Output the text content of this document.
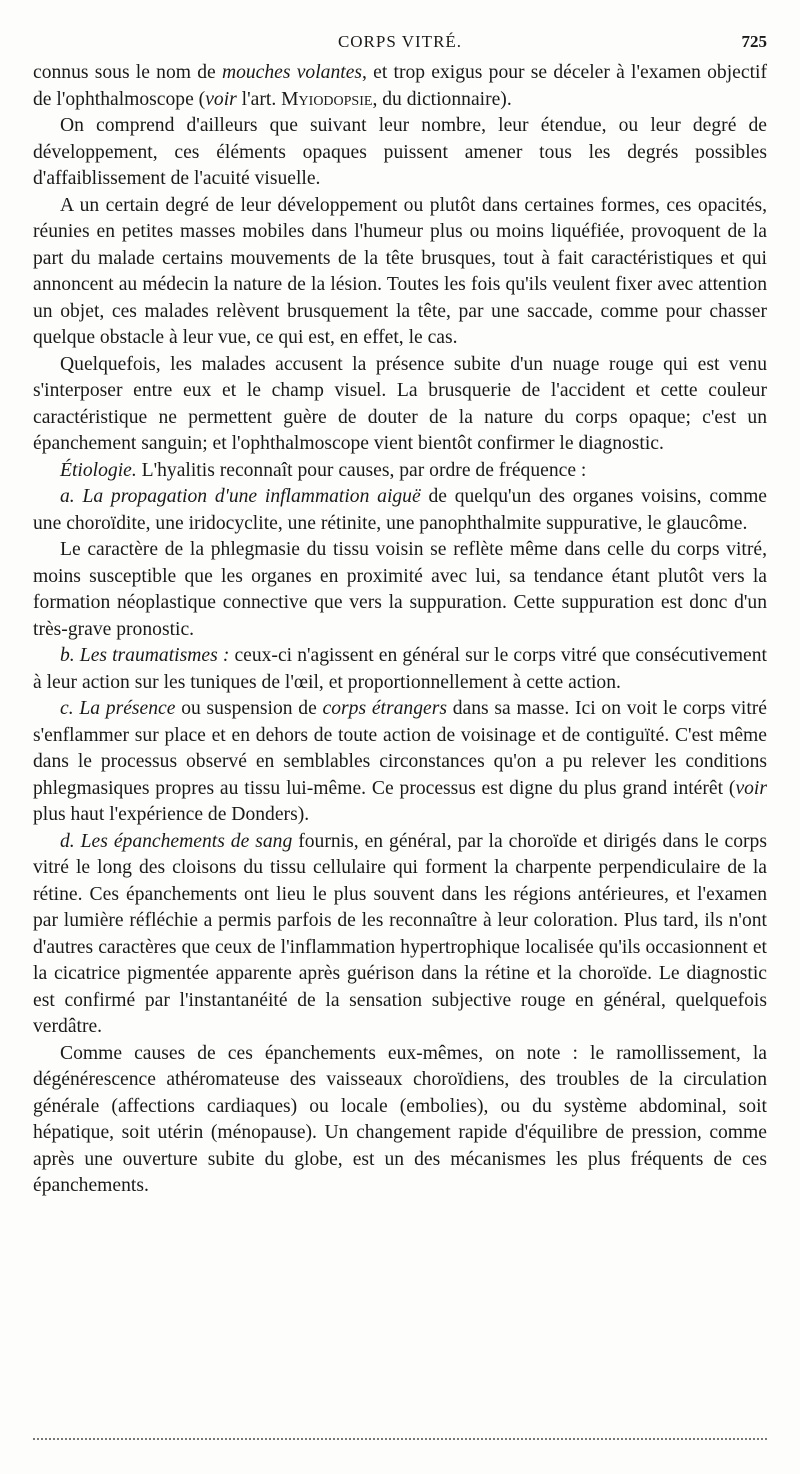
CORPS VITRÉ.	725

connus sous le nom de mouches volantes, et trop exigus pour se déceler à l'examen objectif de l'ophthalmoscope (voir l'art. Myiodopsie, du dictionnaire).

On comprend d'ailleurs que suivant leur nombre, leur étendue, ou leur degré de développement, ces éléments opaques puissent amener tous les degrés possibles d'affaiblissement de l'acuité visuelle.

A un certain degré de leur développement ou plutôt dans certaines formes, ces opacités, réunies en petites masses mobiles dans l'humeur plus ou moins liquéfiée, provoquent de la part du malade certains mouvements de la tête brusques, tout à fait caractéristiques et qui annoncent au médecin la nature de la lésion. Toutes les fois qu'ils veulent fixer avec attention un objet, ces malades relèvent brusquement la tête, par une saccade, comme pour chasser quelque obstacle à leur vue, ce qui est, en effet, le cas.

Quelquefois, les malades accusent la présence subite d'un nuage rouge qui est venu s'interposer entre eux et le champ visuel. La brusquerie de l'accident et cette couleur caractéristique ne permettent guère de douter de la nature du corps opaque; c'est un épanchement sanguin; et l'ophthalmoscope vient bientôt confirmer le diagnostic.

Étiologie. L'hyalitis reconnaît pour causes, par ordre de fréquence :

a. La propagation d'une inflammation aiguë de quelqu'un des organes voisins, comme une choroïdite, une iridocyclite, une rétinite, une panophthalmite suppurative, le glaucôme.

Le caractère de la phlegmasie du tissu voisin se reflète même dans celle du corps vitré, moins susceptible que les organes en proximité avec lui, sa tendance étant plutôt vers la formation néoplastique connective que vers la suppuration. Cette suppuration est donc d'un très-grave pronostic.

b. Les traumatismes : ceux-ci n'agissent en général sur le corps vitré que consécutivement à leur action sur les tuniques de l'œil, et proportionnellement à cette action.

c. La présence ou suspension de corps étrangers dans sa masse. Ici on voit le corps vitré s'enflammer sur place et en dehors de toute action de voisinage et de contiguïté. C'est même dans le processus observé en semblables circonstances qu'on a pu relever les conditions phlegmasiques propres au tissu lui-même. Ce processus est digne du plus grand intérêt (voir plus haut l'expérience de Donders).

d. Les épanchements de sang fournis, en général, par la choroïde et dirigés dans le corps vitré le long des cloisons du tissu cellulaire qui forment la charpente perpendiculaire de la rétine. Ces épanchements ont lieu le plus souvent dans les régions antérieures, et l'examen par lumière réfléchie a permis parfois de les reconnaître à leur coloration. Plus tard, ils n'ont d'autres caractères que ceux de l'inflammation hypertrophique localisée qu'ils occasionnent et la cicatrice pigmentée apparente après guérison dans la rétine et la choroïde. Le diagnostic est confirmé par l'instantanéité de la sensation subjective rouge en général, quelquefois verdâtre.

Comme causes de ces épanchements eux-mêmes, on note : le ramollissement, la dégénérescence athéromateuse des vaisseaux choroïdiens, des troubles de la circulation générale (affections cardiaques) ou locale (embolies), ou du système abdominal, soit hépatique, soit utérin (ménopause). Un changement rapide d'équilibre de pression, comme après une ouverture subite du globe, est un des mécanismes les plus fréquents de ces épanchements.
